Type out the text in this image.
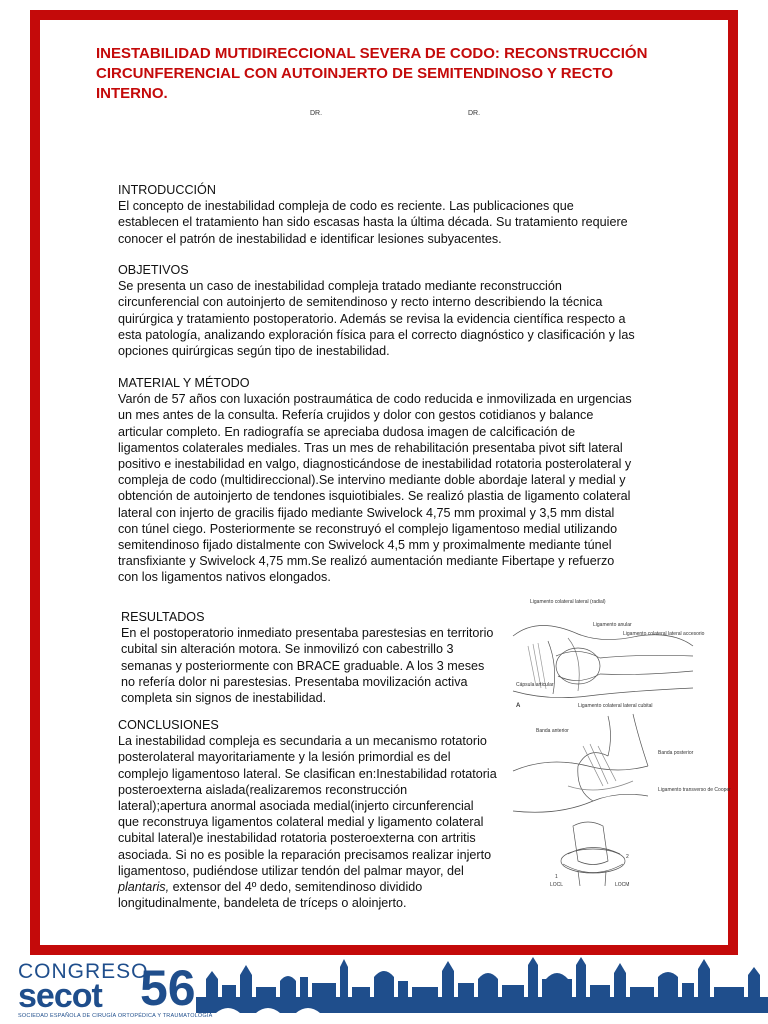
INESTABILIDAD MUTIDIRECCIONAL SEVERA DE CODO: RECONSTRUCCIÓN CIRCUNFERENCIAL CON AUTOINJERTO DE SEMITENDINOSO Y RECTO INTERNO.
DR.	DR.
INTRODUCCIÓN

El concepto de inestabilidad compleja de codo es reciente. Las publicaciones que establecen el tratamiento han sido escasas hasta la última década. Su tratamiento requiere conocer el patrón de inestabilidad e identificar lesiones subyacentes.

OBJETIVOS

Se presenta un caso de inestabilidad compleja tratado mediante reconstrucción circunferencial con autoinjerto de semitendinoso y recto interno describiendo la técnica quirúrgica y tratamiento postoperatorio. Además se revisa la evidencia científica respecto a esta patología, analizando exploración física para el correcto diagnóstico y clasificación y las opciones quirúrgicas según tipo de inestabilidad.

MATERIAL Y MÉTODO

Varón de 57 años con luxación postraumática de codo reducida e inmovilizada en urgencias un mes antes de la consulta. Refería crujidos y dolor con gestos cotidianos y balance articular completo. En radiografía se apreciaba dudosa imagen de calcificación de ligamentos colaterales mediales. Tras un mes de rehabilitación presentaba pivot sift lateral positivo e inestabilidad en valgo, diagnosticándose de inestabilidad rotatoria posterolateral y compleja de codo (multidireccional).Se intervino mediante doble abordaje lateral y medial y obtención de autoinjerto de tendones isquiotibiales. Se realizó plastia de ligamento colateral lateral con injerto de gracilis fijado mediante Swivelock 4,75 mm proximal y 3,5 mm distal con túnel ciego. Posteriormente se reconstruyó el complejo ligamentoso medial utilizando semitendinoso fijado distalmente con Swivelock 4,5 mm y proximalmente mediante túnel transfixiante y Swivelock 4,75 mm.Se realizó aumentación mediante Fibertape y refuerzo con los ligamentos nativos elongados.

RESULTADOS

En el postoperatorio inmediato presentaba parestesias en territorio cubital sin alteración motora. Se inmovilizó con cabestrillo 3 semanas y posteriormente con BRACE graduable. A los 3 meses no refería dolor ni parestesias. Presentaba movilización activa completa sin signos de inestabilidad.

CONCLUSIONES

La inestabilidad compleja es secundaria a un mecanismo rotatorio posterolateral mayoritariamente y la lesión primordial es del complejo ligamentoso lateral. Se clasifican en:Inestabilidad rotatoria posteroexterna aislada(realizaremos reconstrucción lateral);apertura anormal asociada medial(injerto circunferencial que reconstruya ligamentos colateral medial y ligamento colateral cubital lateral)e inestabilidad rotatoria posteroexterna con artritis asociada. Si no es posible la reparación precisamos realizar injerto ligamentoso, pudiéndose utilizar tendón del palmar mayor, del plantaris, extensor del 4º dedo, semitendinoso dividido longitudinalmente, bandeleta de tríceps o aloinjerto.

Ligamento colateral lateral (radial)
Ligamento anular
Ligamento colateral lateral accesorio
Cápsula articular
A	Ligamento colateral lateral cubital
Banda anterior
Banda posterior
Ligamento transverso de Cooper
1
LOCL
2
LOCM
CONGRESO
secot 56
SOCIEDAD ESPAÑOLA DE CIRUGÍA ORTOPÉDICA Y TRAUMATOLOGÍA
